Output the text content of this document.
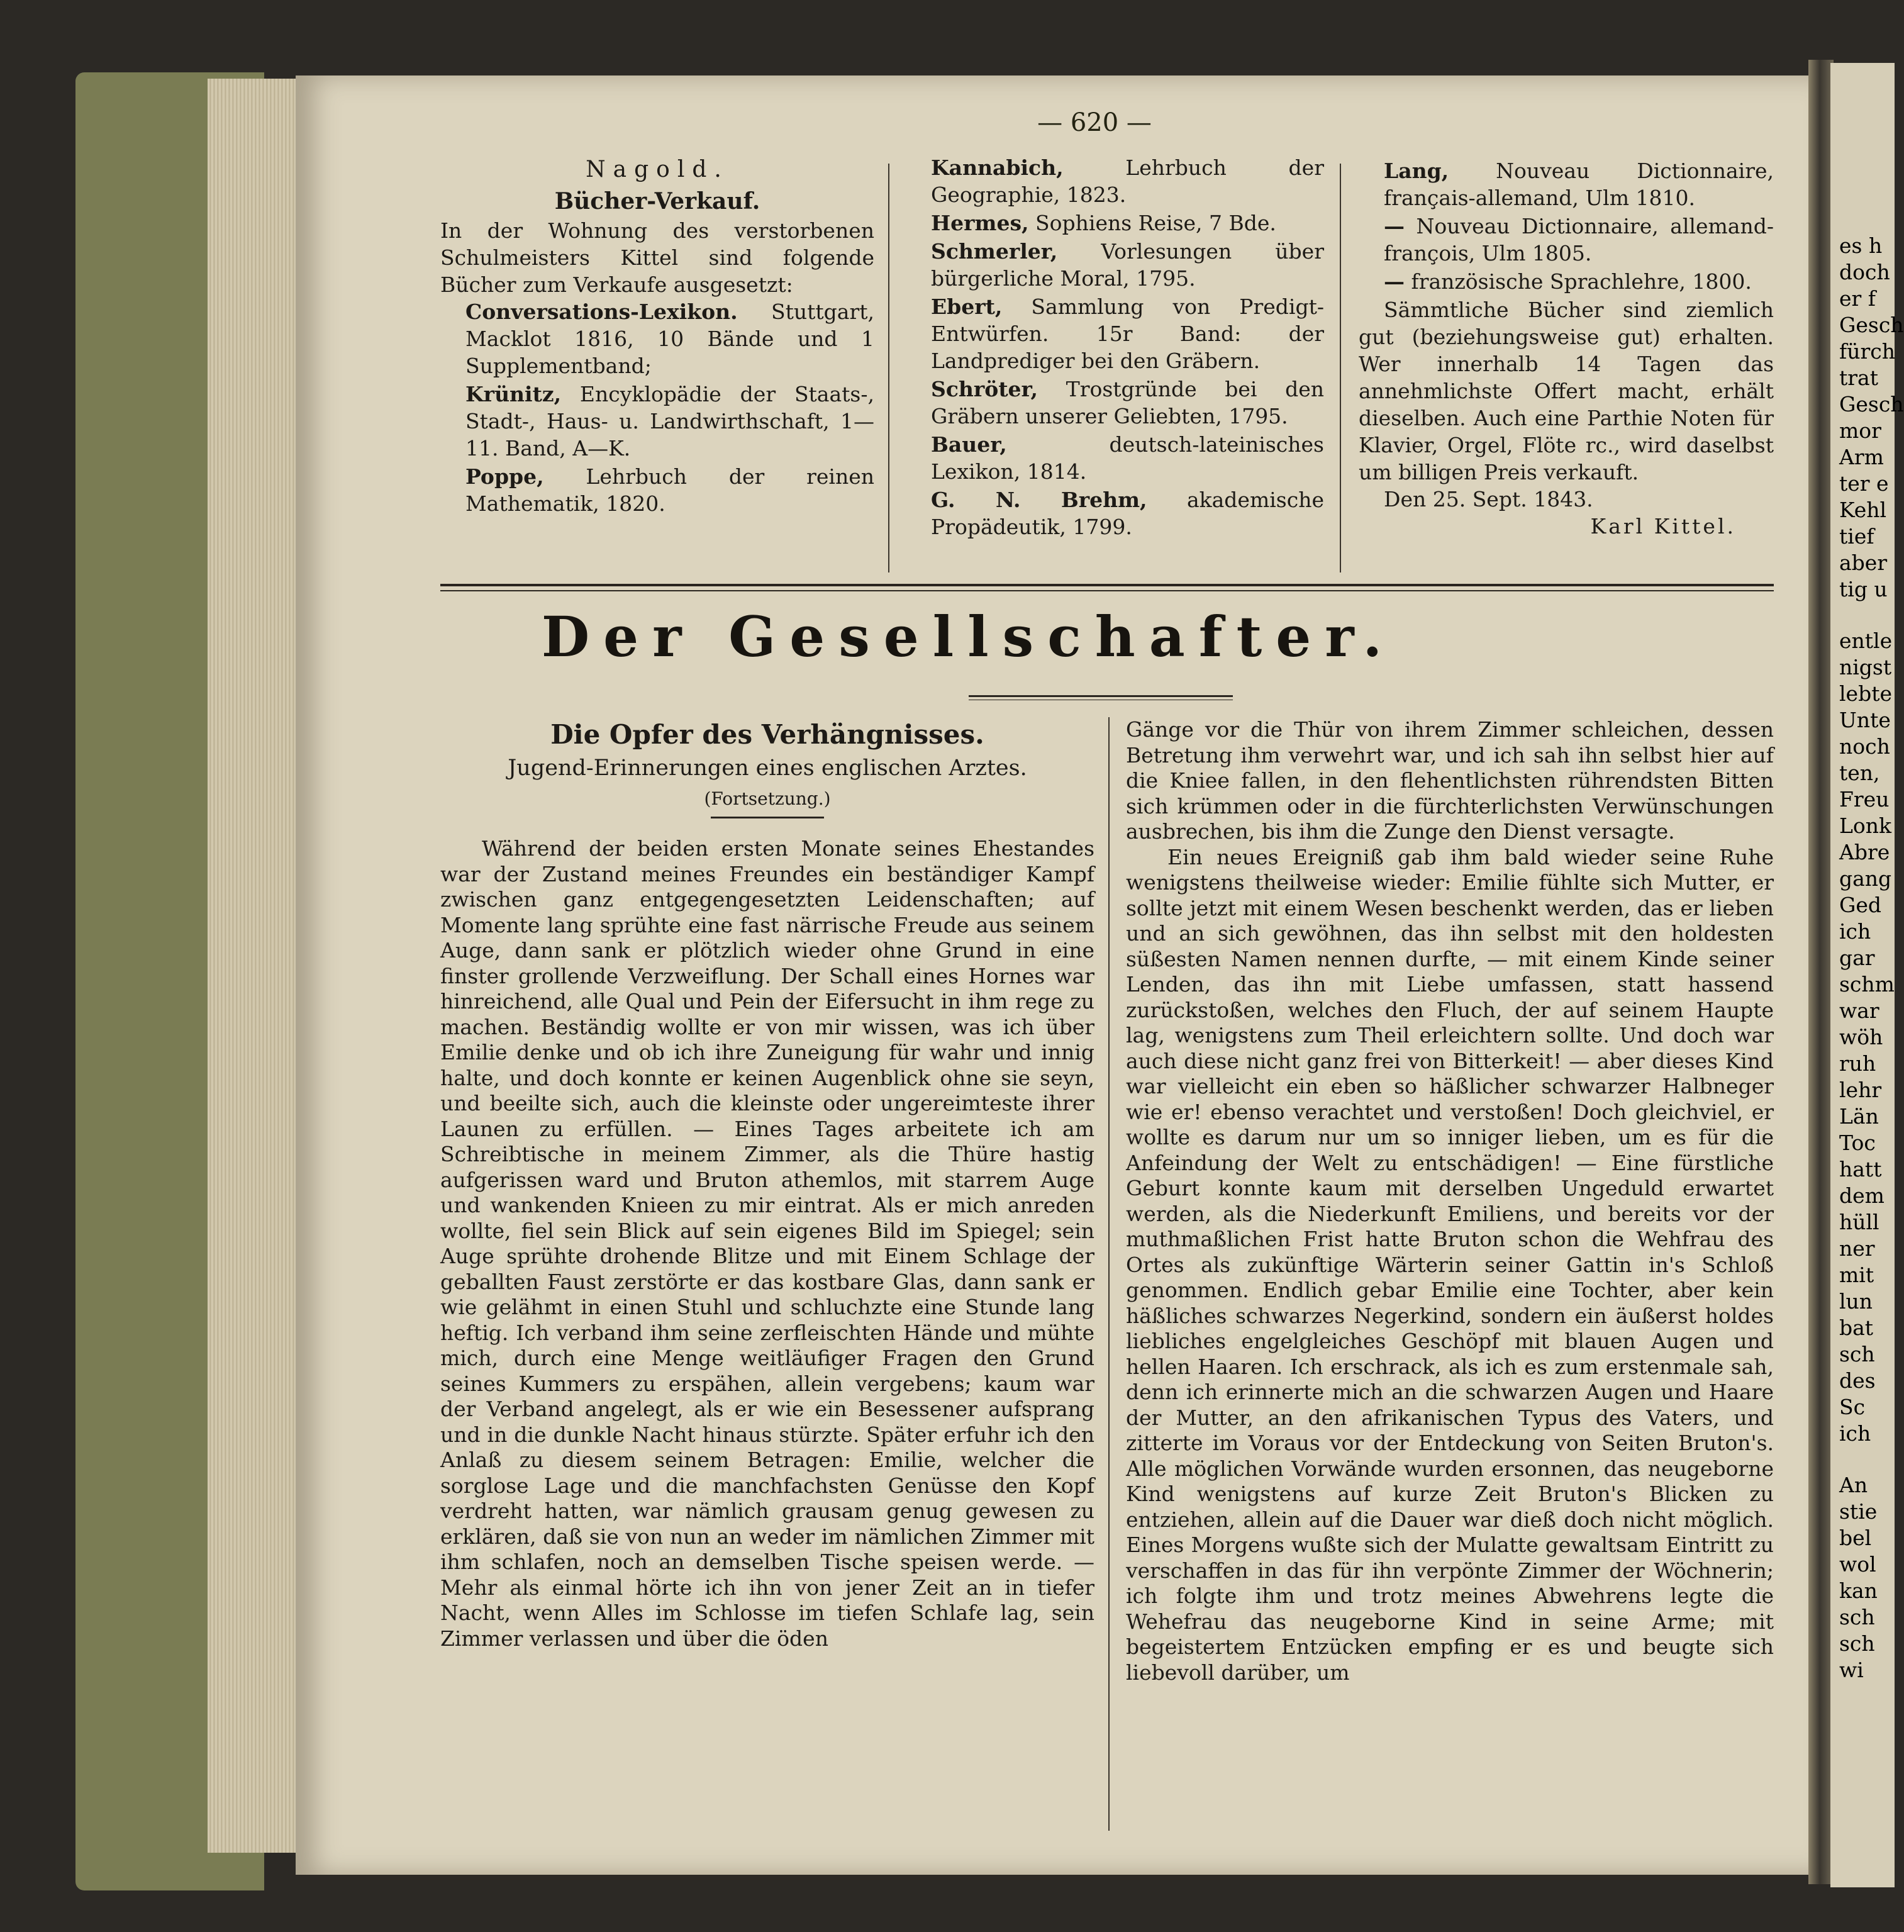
es h

doch

er f

Gesch

fürch

trat

Gesch

mor

Arm

ter e

Kehl

tief

aber

tig u

entle

nigst

lebte

Unte

noch

ten,

Freu

Lonk

Abre

gang

Ged

ich

gar

schm

war

wöh

ruh

lehr

Län

Toc

hatt

dem

hüll

ner

mit

lun

bat

sch

des

Sc

ich

An

stie

bel

wol

kan

sch

sch

wi

— 620 —

Nagold.

Bücher-Verkauf.

In der Wohnung des verstorbenen Schulmeisters Kittel sind folgende Bücher zum Verkaufe ausgesetzt:

Conversations-Lexikon. Stuttgart, Macklot 1816, 10 Bände und 1 Supplementband;

Krünitz, Encyklopädie der Staats-, Stadt-, Haus- u. Landwirthschaft, 1—11. Band, A—K.

Poppe, Lehrbuch der reinen Mathematik, 1820.

Kannabich,	Lehrbuch der Geographie, 1823.

Hermes, Sophiens Reise, 7 Bde.

Schmerler, Vorlesungen über bürgerliche Moral, 1795.

Ebert, Sammlung von Predigt-Entwürfen. 15r Band: der Landprediger bei den Gräbern.

Schröter, Trostgründe bei den Gräbern unserer Geliebten, 1795.

Bauer,	deutsch-lateinisches Lexikon, 1814.

G. N. Brehm, akademische Propädeutik, 1799.

Lang, Nouveau Dictionnaire, français-allemand, Ulm 1810.

— Nouveau Dictionnaire, allemand-françois, Ulm 1805.

— französische Sprachlehre, 1800.

Sämmtliche Bücher sind ziemlich gut (beziehungsweise gut) erhalten. Wer innerhalb 14 Tagen das annehmlichste Offert macht, erhält dieselben. Auch eine Parthie Noten für Klavier, Orgel, Flöte rc., wird daselbst um billigen Preis verkauft.

Den 25. Sept. 1843.

Karl Kittel.

Der Gesellschafter.

Die Opfer des Verhängnisses.

Jugend-Erinnerungen eines englischen Arztes.

(Fortsetzung.)

Während der beiden ersten Monate seines Ehestandes war der Zustand meines Freundes ein beständiger Kampf zwischen ganz entgegengesetzten Leidenschaften; auf Momente lang sprühte eine fast närrische Freude aus seinem Auge, dann sank er plötzlich wieder ohne Grund in eine finster grollende Verzweiflung. Der Schall eines Hornes war hinreichend, alle Qual und Pein der Eifersucht in ihm rege zu machen. Beständig wollte er von mir wissen, was ich über Emilie denke und ob ich ihre Zuneigung für wahr und innig halte, und doch konnte er keinen Augenblick ohne sie seyn, und beeilte sich, auch die kleinste oder ungereimteste ihrer Launen zu erfüllen. — Eines Tages arbeitete ich am Schreibtische in meinem Zimmer, als die Thüre hastig aufgerissen ward und Bruton athemlos, mit starrem Auge und wankenden Knieen zu mir eintrat. Als er mich anreden wollte, fiel sein Blick auf sein eigenes Bild im Spiegel; sein Auge sprühte drohende Blitze und mit Einem Schlage der geballten Faust zerstörte er das kostbare Glas, dann sank er wie gelähmt in einen Stuhl und schluchzte eine Stunde lang heftig. Ich verband ihm seine zerfleischten Hände und mühte mich, durch eine Menge weitläufiger Fragen den Grund seines Kummers zu erspähen, allein vergebens; kaum war der Verband angelegt, als er wie ein Besessener aufsprang und in die dunkle Nacht hinaus stürzte. Später erfuhr ich den Anlaß zu diesem seinem Betragen: Emilie, welcher die sorglose Lage und die manchfachsten Genüsse den Kopf verdreht hatten, war nämlich grausam genug gewesen zu erklären, daß sie von nun an weder im nämlichen Zimmer mit ihm schlafen, noch an demselben Tische speisen werde. — Mehr als einmal hörte ich ihn von jener Zeit an in tiefer Nacht, wenn Alles im Schlosse im tiefen Schlafe lag, sein Zimmer verlassen und über die öden

Gänge vor die Thür von ihrem Zimmer schleichen, dessen Betretung ihm verwehrt war, und ich sah ihn selbst hier auf die Kniee fallen, in den flehentlichsten rührendsten Bitten sich krümmen oder in die fürchterlichsten Verwünschungen ausbrechen, bis ihm die Zunge den Dienst versagte.

Ein neues Ereigniß gab ihm bald wieder seine Ruhe wenigstens theilweise wieder: Emilie fühlte sich Mutter, er sollte jetzt mit einem Wesen beschenkt werden, das er lieben und an sich gewöhnen, das ihn selbst mit den holdesten süßesten Namen nennen durfte, — mit einem Kinde seiner Lenden, das ihn mit Liebe umfassen, statt hassend zurückstoßen, welches den Fluch, der auf seinem Haupte lag, wenigstens zum Theil erleichtern sollte. Und doch war auch diese nicht ganz frei von Bitterkeit! — aber dieses Kind war vielleicht ein eben so häßlicher schwarzer Halbneger wie er! ebenso verachtet und verstoßen! Doch gleichviel, er wollte es darum nur um so inniger lieben, um es für die Anfeindung der Welt zu entschädigen! — Eine fürstliche Geburt konnte kaum mit derselben Ungeduld erwartet werden, als die Niederkunft Emiliens, und bereits vor der muthmaßlichen Frist hatte Bruton schon die Wehfrau des Ortes als zukünftige Wärterin seiner Gattin in's Schloß genommen. Endlich gebar Emilie eine Tochter, aber kein häßliches schwarzes Negerkind, sondern ein äußerst holdes liebliches engelgleiches Geschöpf mit blauen Augen und hellen Haaren. Ich erschrack, als ich es zum erstenmale sah, denn ich erinnerte mich an die schwarzen Augen und Haare der Mutter, an den afrikanischen Typus des Vaters, und zitterte im Voraus vor der Entdeckung von Seiten Bruton's. Alle möglichen Vorwände wurden ersonnen, das neugeborne Kind wenigstens auf kurze Zeit Bruton's Blicken zu entziehen, allein auf die Dauer war dieß doch nicht möglich. Eines Morgens wußte sich der Mulatte gewaltsam Eintritt zu verschaffen in das für ihn verpönte Zimmer der Wöchnerin; ich folgte ihm und trotz meines Abwehrens legte die Wehefrau das neugeborne Kind in seine Arme; mit begeistertem Entzücken empfing er es und beugte sich liebevoll darüber, um
